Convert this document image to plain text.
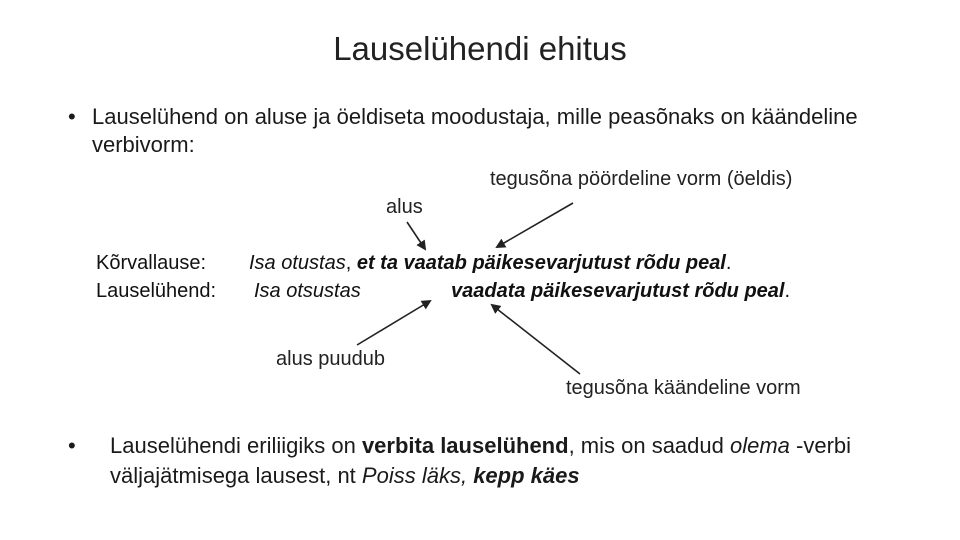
Lauselühendi ehitus
• Lauselühend on aluse ja öeldiseta moodustaja, mille peasõnaks on käändeline verbivorm:
tegusõna pöördeline vorm (öeldis)
alus
Kõrvallause: Isa otustas, et ta vaatab päikesevarjutust rõdu peal.
Lauselühend: Isa otsustas	vaadata päikesevarjutust rõdu peal.
alus puudub
tegusõna käändeline vorm
• Lauselühendi eriliigiks on verbita lauselühend, mis on saadud olema -verbi väljajätmisega lausest, nt Poiss läks, kepp käes
